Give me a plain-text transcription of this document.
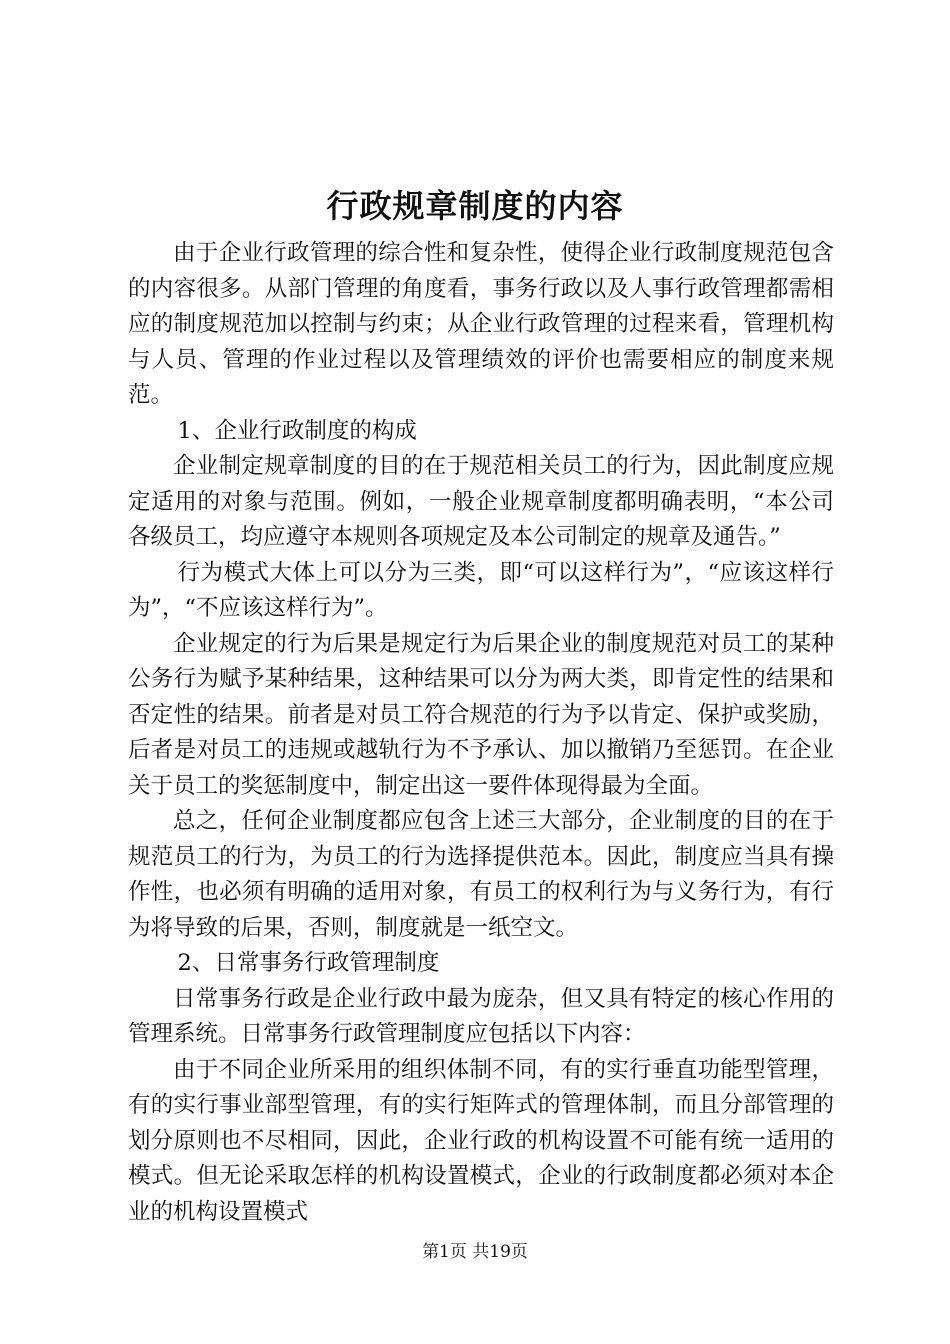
行政规章制度的内容

由于企业行政管理的综合性和复杂性，使得企业行政制度规范包含的内容很多。从部门管理的角度看，事务行政以及人事行政管理都需相应的制度规范加以控制与约束；从企业行政管理的过程来看，管理机构与人员、管理的作业过程以及管理绩效的评价也需要相应的制度来规范。

1、企业行政制度的构成

企业制定规章制度的目的在于规范相关员工的行为，因此制度应规定适用的对象与范围。例如，一般企业规章制度都明确表明，“本公司各级员工，均应遵守本规则各项规定及本公司制定的规章及通告。”

行为模式大体上可以分为三类，即“可以这样行为”，“应该这样行为”，“不应该这样行为”。

企业规定的行为后果是规定行为后果企业的制度规范对员工的某种公务行为赋予某种结果，这种结果可以分为两大类，即肯定性的结果和否定性的结果。前者是对员工符合规范的行为予以肯定、保护或奖励，后者是对员工的违规或越轨行为不予承认、加以撤销乃至惩罚。在企业关于员工的奖惩制度中，制定出这一要件体现得最为全面。

总之，任何企业制度都应包含上述三大部分，企业制度的目的在于规范员工的行为，为员工的行为选择提供范本。因此，制度应当具有操作性，也必须有明确的适用对象，有员工的权利行为与义务行为，有行为将导致的后果，否则，制度就是一纸空文。

2、日常事务行政管理制度

日常事务行政是企业行政中最为庞杂，但又具有特定的核心作用的管理系统。日常事务行政管理制度应包括以下内容：

由于不同企业所采用的组织体制不同，有的实行垂直功能型管理，有的实行事业部型管理，有的实行矩阵式的管理体制，而且分部管理的划分原则也不尽相同，因此，企业行政的机构设置不可能有统一适用的模式。但无论采取怎样的机构设置模式，企业的行政制度都必须对本企业的机构设置模式

第1页 共19页
